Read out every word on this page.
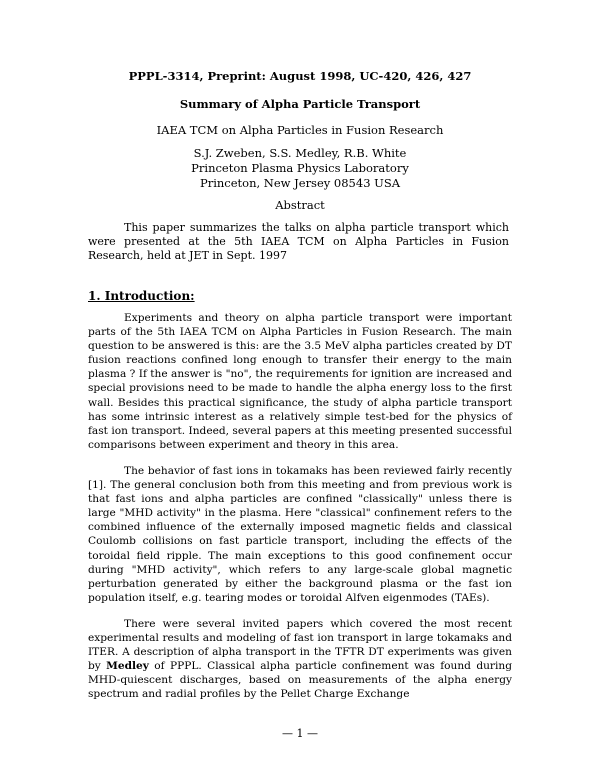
PPPL-3314, Preprint: August 1998, UC-420, 426, 427
Summary of Alpha Particle Transport
IAEA TCM on Alpha Particles in Fusion Research
S.J. Zweben, S.S. Medley, R.B. White
Princeton Plasma Physics Laboratory
Princeton, New Jersey 08543 USA
Abstract
This paper summarizes the talks on alpha particle transport which were presented at the 5th IAEA TCM on Alpha Particles in Fusion Research, held at JET in Sept. 1997
1. Introduction:
Experiments and theory on alpha particle transport were important parts of the 5th IAEA TCM on Alpha Particles in Fusion Research. The main question to be answered is this: are the 3.5 MeV alpha particles created by DT fusion reactions confined long enough to transfer their energy to the main plasma ? If the answer is "no", the requirements for ignition are increased and special provisions need to be made to handle the alpha energy loss to the first wall. Besides this practical significance, the study of alpha particle transport has some intrinsic interest as a relatively simple test-bed for the physics of fast ion transport. Indeed, several papers at this meeting presented successful comparisons between experiment and theory in this area.
The behavior of fast ions in tokamaks has been reviewed fairly recently [1]. The general conclusion both from this meeting and from previous work is that fast ions and alpha particles are confined "classically" unless there is large "MHD activity" in the plasma. Here "classical" confinement refers to the combined influence of the externally imposed magnetic fields and classical Coulomb collisions on fast particle transport, including the effects of the toroidal field ripple. The main exceptions to this good confinement occur during "MHD activity", which refers to any large-scale global magnetic perturbation generated by either the background plasma or the fast ion population itself, e.g. tearing modes or toroidal Alfven eigenmodes (TAEs).
There were several invited papers which covered the most recent experimental results and modeling of fast ion transport in large tokamaks and ITER. A description of alpha transport in the TFTR DT experiments was given by Medley of PPPL. Classical alpha particle confinement was found during MHD-quiescent discharges, based on measurements of the alpha energy spectrum and radial profiles by the Pellet Charge Exchange
— 1 —
